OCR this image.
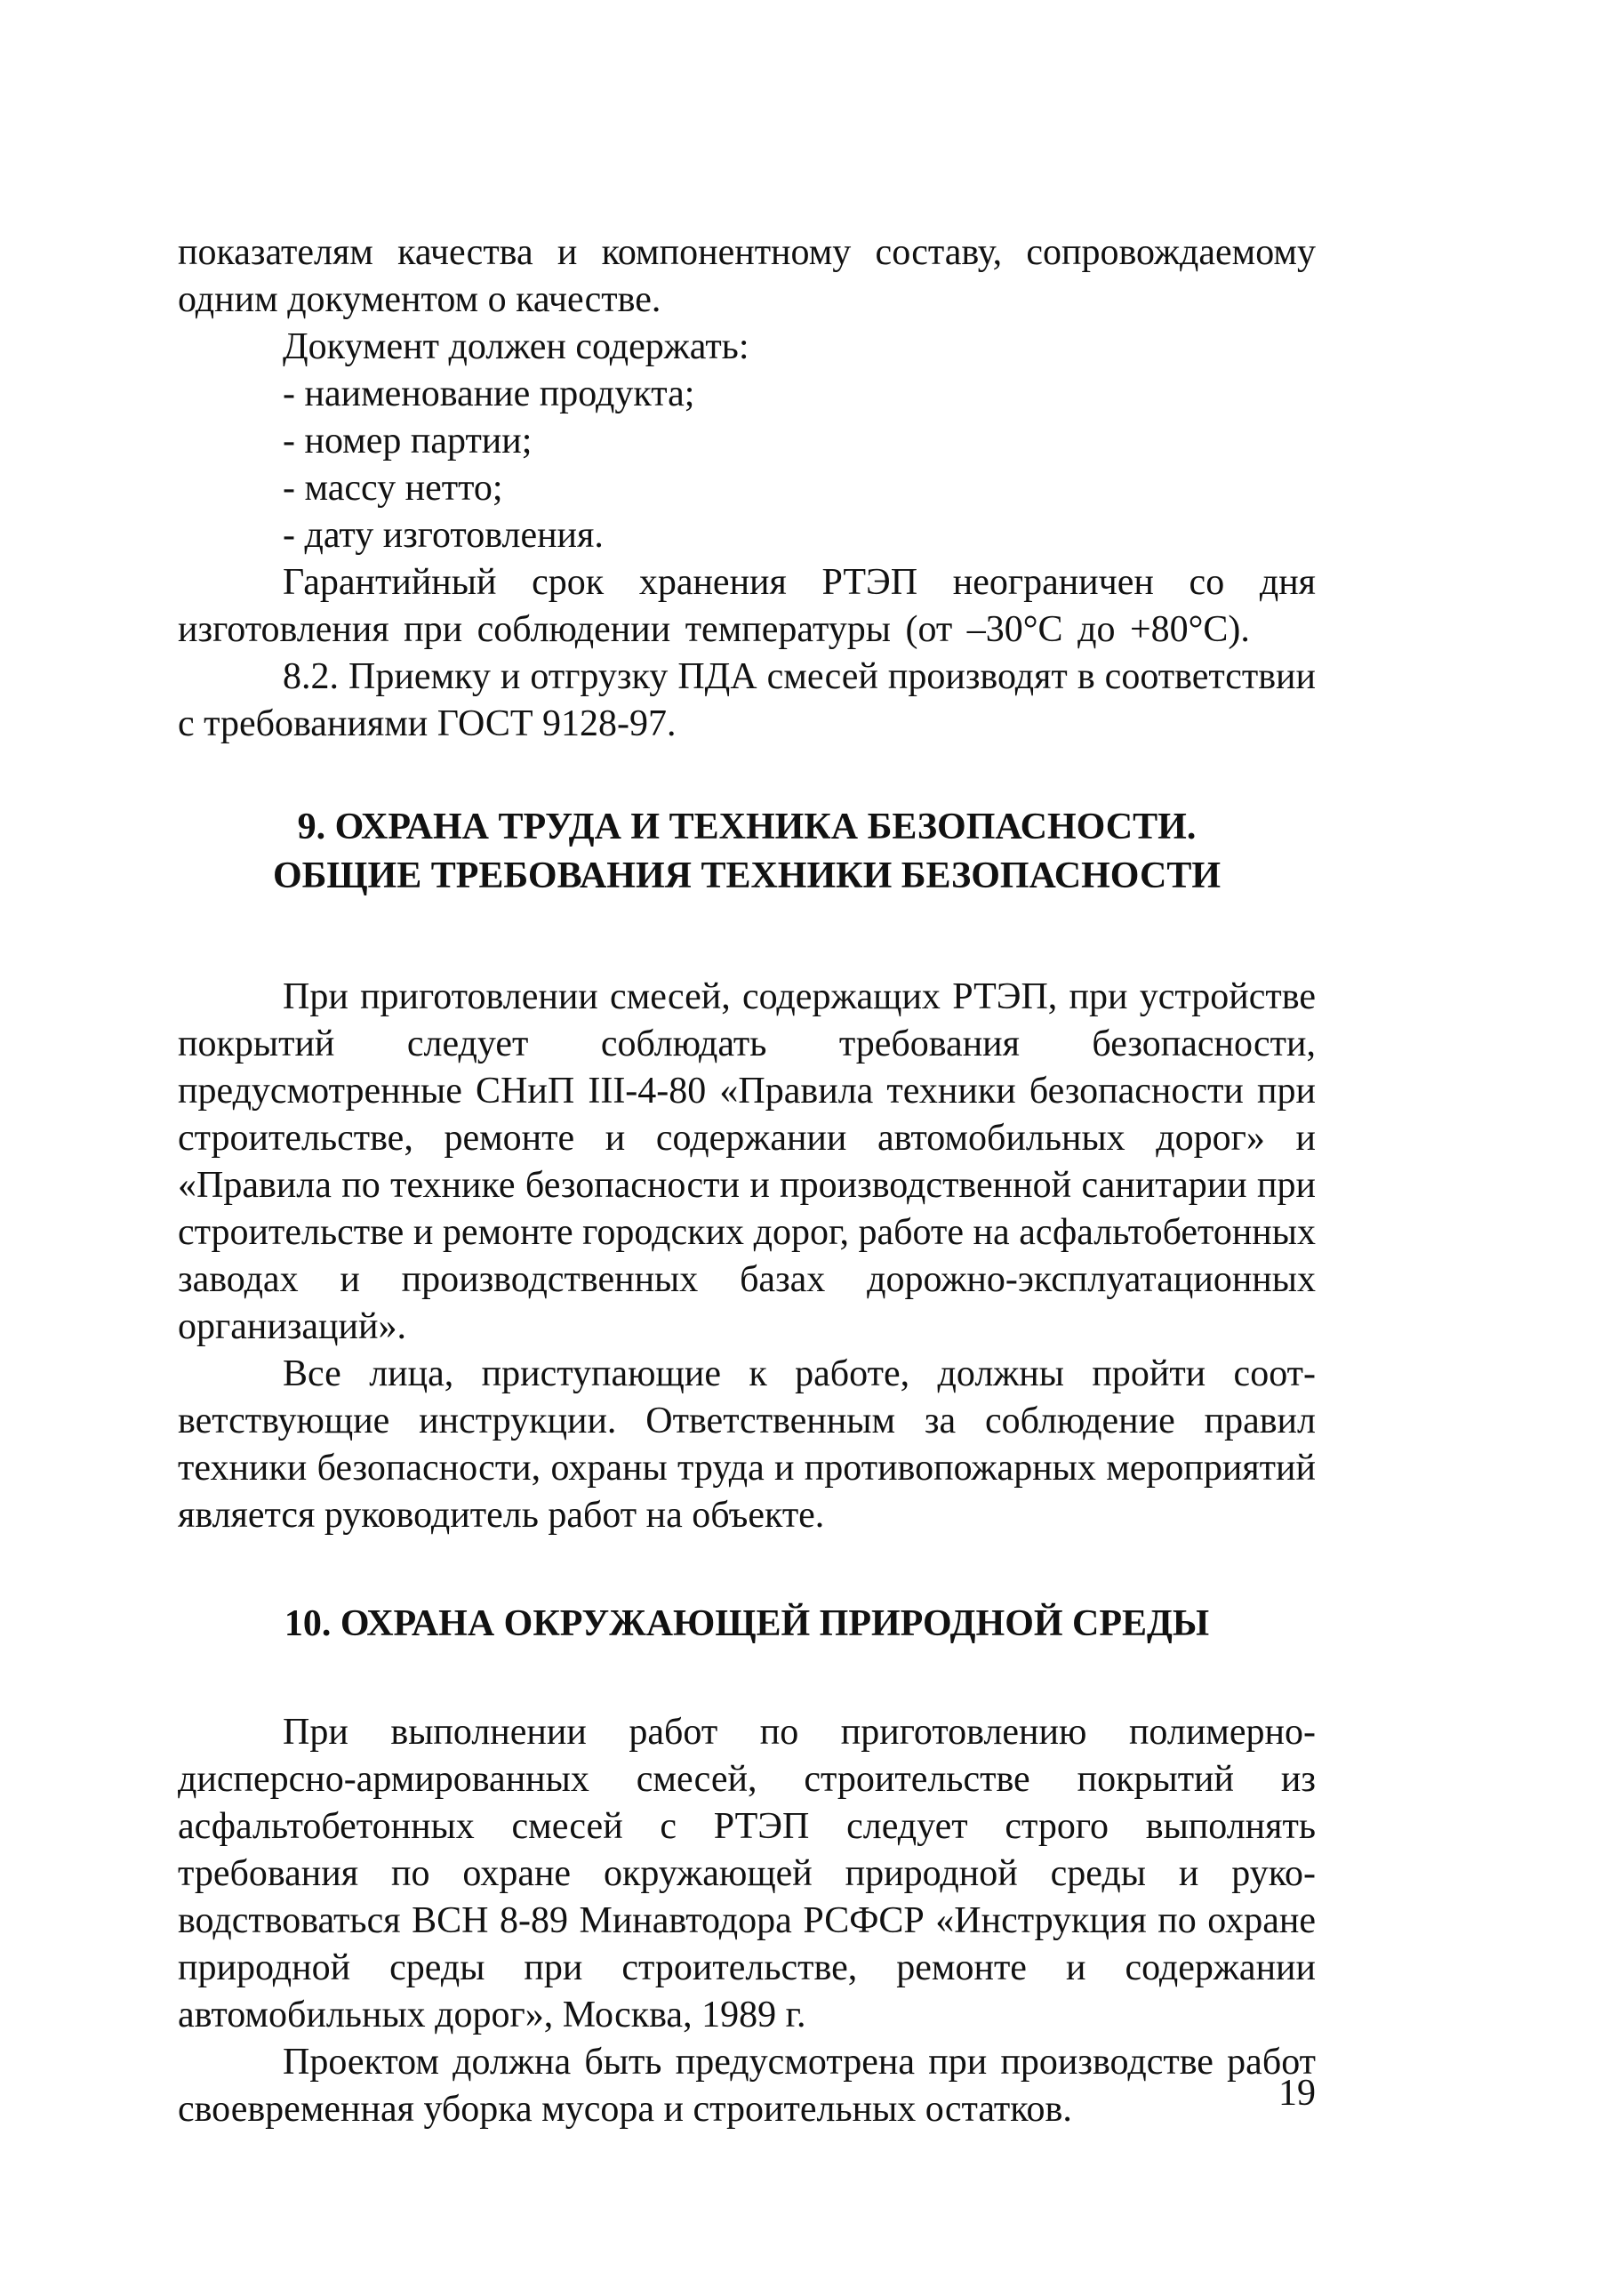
показателям качества и компонентному составу, сопровождаемому одним документом о качестве.

Документ должен содержать:

- наименование продукта;

- номер партии;

- массу нетто;

- дату изготовления.

Гарантийный срок хранения РТЭП неограничен со дня изготовления при соблюдении температуры (от –30°С до +80°С).

8.2. Приемку и отгрузку ПДА смесей производят в соответствии с требованиями ГОСТ 9128-97.

9. ОХРАНА ТРУДА И ТЕХНИКА БЕЗОПАСНОСТИ.
ОБЩИЕ ТРЕБОВАНИЯ ТЕХНИКИ БЕЗОПАСНОСТИ

При приготовлении смесей, содержащих РТЭП, при устройстве покрытий следует соблюдать требования безопасности, предусмотренные СНиП III-4-80 «Правила техники безопасности при строительстве, ремонте и содержании автомобильных дорог» и «Правила по технике безопасности и производственной санитарии при строительстве и ремонте городских дорог, работе на асфальтобетонных заводах и производственных базах дорожно-эксплуатационных организаций».

Все лица, приступающие к работе, должны пройти соответствующие инструкции. Ответственным за соблюдение правил техники безопасности, охраны труда и противопожарных мероприятий является руководитель работ на объекте.

10. ОХРАНА ОКРУЖАЮЩЕЙ ПРИРОДНОЙ СРЕДЫ

При выполнении работ по приготовлению полимерно-дисперсно-армированных смесей, строительстве покрытий из асфальтобетонных смесей с РТЭП следует строго выполнять требования по охране окружающей природной среды и руководствоваться ВСН 8-89 Минавтодора РСФСР «Инструкция по охране природной среды при строительстве, ремонте и содержании автомобильных дорог», Москва, 1989 г.

Проектом должна быть предусмотрена при производстве работ своевременная уборка мусора и строительных остатков.	19
